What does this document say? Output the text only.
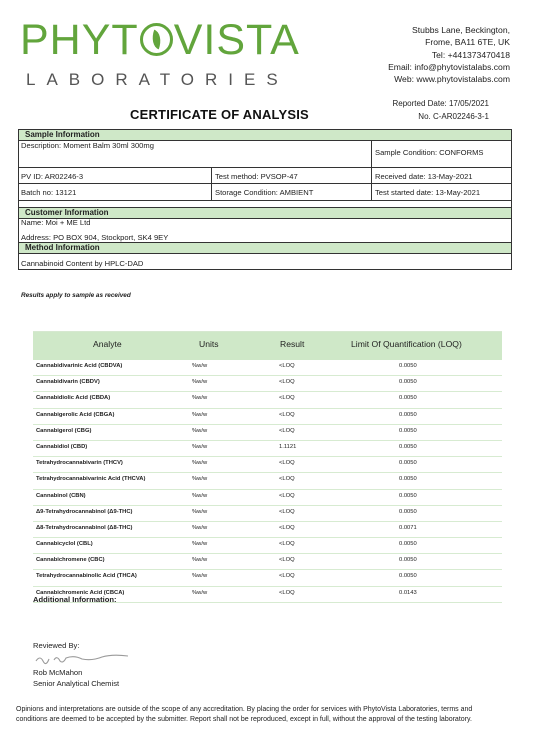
PHYT VISTA
LABORATORIES
Stubbs Lane, Beckington,
Frome, BA11 6TE, UK
Tel: +441373470418
Email: info@phytovistalabs.com
Web: www.phytovistalabs.com
Reported Date: 17/05/2021
No. C-AR02246-3-1
CERTIFICATE OF ANALYSIS
Sample Information
Description: Moment Balm 30ml 300mg
Sample Condition: CONFORMS
PV ID: AR02246-3	Test method: PVSOP-47	Received date: 13-May-2021
Batch no: 13121	Storage Condition: AMBIENT	Test started date: 13-May-2021
Customer Information
Name: Moi + ME Ltd
Address: PO BOX 904, Stockport, SK4 9EY
Method Information
Cannabinoid Content by HPLC-DAD
Results apply to sample as received
Analyte	Units	Result	Limit Of Quantification (LOQ)
Cannabidivarinic Acid (CBDVA)	%w/w	<LOQ	0.0050
Cannabidivarin (CBDV)	%w/w	<LOQ	0.0050
Cannabidiolic Acid (CBDA)	%w/w	<LOQ	0.0050
Cannabigerolic Acid (CBGA)	%w/w	<LOQ	0.0050
Cannabigerol (CBG)	%w/w	<LOQ	0.0050
Cannabidiol (CBD)	%w/w	1.1121	0.0050
Tetrahydrocannabivarin (THCV)	%w/w	<LOQ	0.0050
Tetrahydrocannabivarinic Acid (THCVA)	%w/w	<LOQ	0.0050
Cannabinol (CBN)	%w/w	<LOQ	0.0050
Δ9-Tetrahydrocannabinol (Δ9-THC)	%w/w	<LOQ	0.0050
Δ8-Tetrahydrocannabinol (Δ8-THC)	%w/w	<LOQ	0.0071
Cannabicyclol (CBL)	%w/w	<LOQ	0.0050
Cannabichromene (CBC)	%w/w	<LOQ	0.0050
Tetrahydrocannabinolic Acid (THCA)	%w/w	<LOQ	0.0050
Cannabichromenic Acid (CBCA)	%w/w	<LOQ	0.0143
Additional Information:
Reviewed By:
Rob McMahon
Senior Analytical Chemist
Opinions and interpretations are outside of the scope of any accreditation. By placing the order for services with PhytoVista Laboratories, terms and conditions are deemed to be accepted by the submitter. Report shall not be reproduced, except in full, without the approval of the testing laboratory.
